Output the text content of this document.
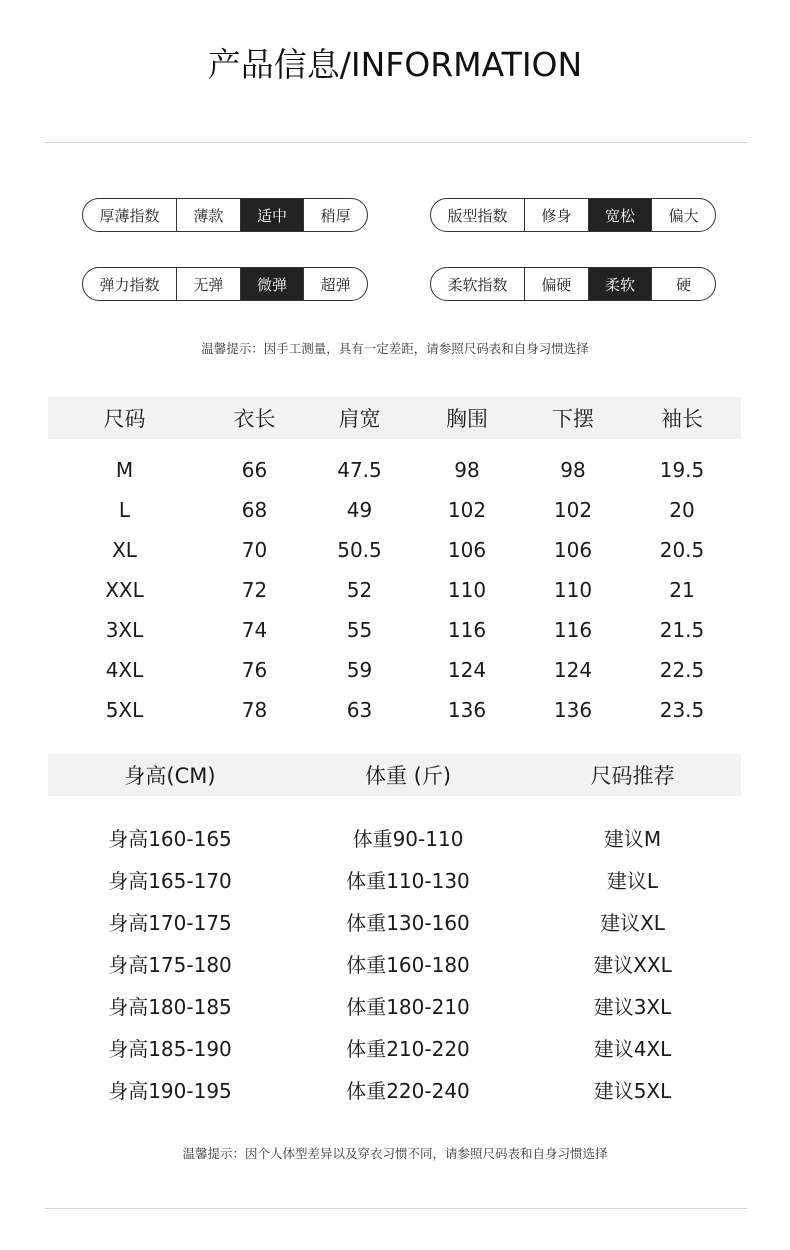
产品信息/INFORMATION
厚薄指数	薄款	适中	稍厚	版型指数	修身	宽松	偏大
弹力指数	无弹	微弹	超弹	柔软指数	偏硬	柔软	硬
温馨提示：因手工测量，具有一定差距，请参照尺码表和自身习惯选择
尺码	衣长	肩宽	胸围	下摆	袖长
M	66	47.5	98	98	19.5
L	68	49	102	102	20
XL	70	50.5	106	106	20.5
XXL	72	52	110	110	21
3XL	74	55	116	116	21.5
4XL	76	59	124	124	22.5
5XL	78	63	136	136	23.5
身高(CM)	体重 (斤)	尺码推荐
身高160-165	体重90-110	建议M
身高165-170	体重110-130	建议L
身高170-175	体重130-160	建议XL
身高175-180	体重160-180	建议XXL
身高180-185	体重180-210	建议3XL
身高185-190	体重210-220	建议4XL
身高190-195	体重220-240	建议5XL
温馨提示：因个人体型差异以及穿衣习惯不同，请参照尺码表和自身习惯选择
